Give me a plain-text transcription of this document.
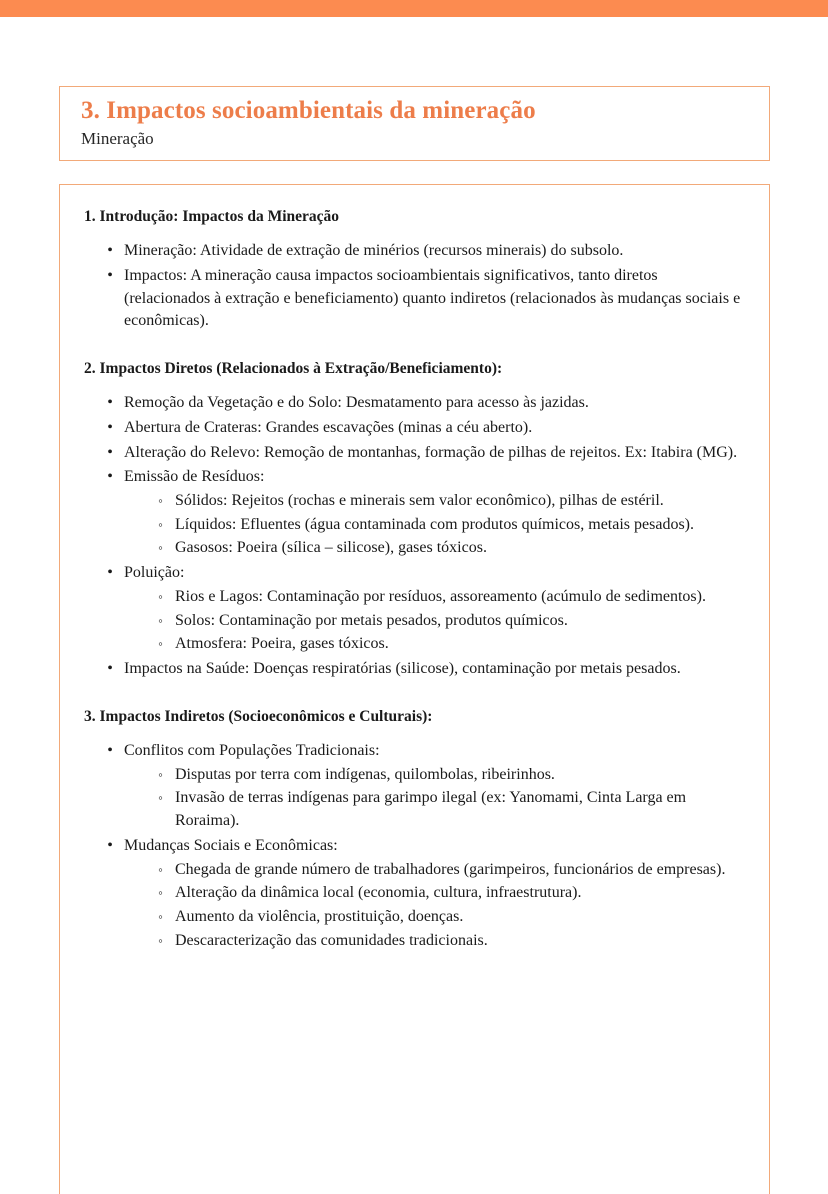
3. Impactos socioambientais da mineração
Mineração
1. Introdução: Impactos da Mineração
• Mineração: Atividade de extração de minérios (recursos minerais) do subsolo.
• Impactos: A mineração causa impactos socioambientais significativos, tanto diretos (relacionados à extração e beneficiamento) quanto indiretos (relacionados às mudanças sociais e econômicas).
2. Impactos Diretos (Relacionados à Extração/Beneficiamento):
• Remoção da Vegetação e do Solo: Desmatamento para acesso às jazidas.
• Abertura de Crateras: Grandes escavações (minas a céu aberto).
• Alteração do Relevo: Remoção de montanhas, formação de pilhas de rejeitos. Ex: Itabira (MG).
• Emissão de Resíduos:
◦ Sólidos: Rejeitos (rochas e minerais sem valor econômico), pilhas de estéril.
◦ Líquidos: Efluentes (água contaminada com produtos químicos, metais pesados).
◦ Gasosos: Poeira (sílica – silicose), gases tóxicos.
• Poluição:
◦ Rios e Lagos: Contaminação por resíduos, assoreamento (acúmulo de sedimentos).
◦ Solos: Contaminação por metais pesados, produtos químicos.
◦ Atmosfera: Poeira, gases tóxicos.
• Impactos na Saúde: Doenças respiratórias (silicose), contaminação por metais pesados.
3. Impactos Indiretos (Socioeconômicos e Culturais):
• Conflitos com Populações Tradicionais:
◦ Disputas por terra com indígenas, quilombolas, ribeirinhos.
◦ Invasão de terras indígenas para garimpo ilegal (ex: Yanomami, Cinta Larga em Roraima).
• Mudanças Sociais e Econômicas:
◦ Chegada de grande número de trabalhadores (garimpeiros, funcionários de empresas).
◦ Alteração da dinâmica local (economia, cultura, infraestrutura).
◦ Aumento da violência, prostituição, doenças.
◦ Descaracterização das comunidades tradicionais.
